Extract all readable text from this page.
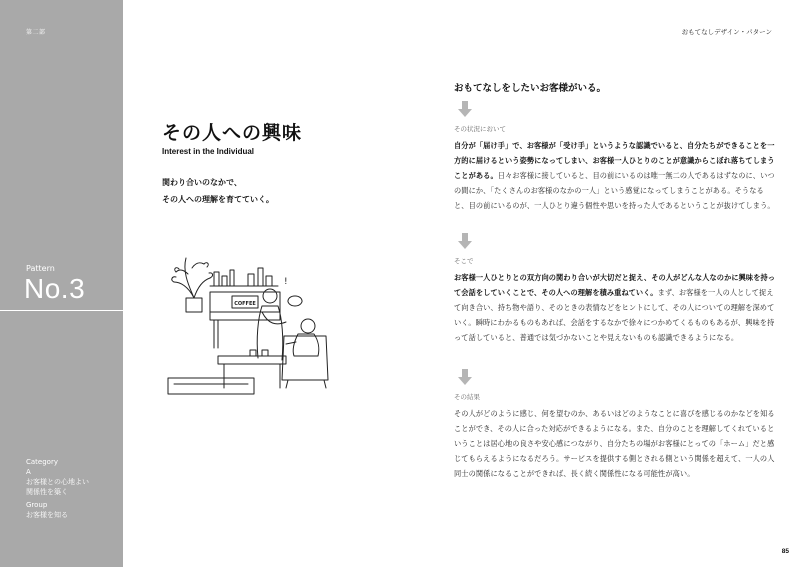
第二部
Pattern
No.3
Category
A
お客様との心地よい
関係性を築く
Group
お客様を知る
おもてなしデザイン・パターン
その人への興味
Interest in the Individual
関わり合いのなかで、
その人への理解を育てていく。
COFFEE
!
おもてなしをしたいお客様がいる。
その状況において
自分が「届け手」で、お客様が「受け手」というような認識でいると、自分たちができることを一方的に届けるという姿勢になってしまい、お客様一人ひとりのことが意識からこぼれ落ちてしまうことがある。日々お客様に接していると、目の前にいるのは唯一無二の人であるはずなのに、いつの間にか、「たくさんのお客様のなかの一人」という感覚になってしまうことがある。そうなると、目の前にいるのが、一人ひとり違う個性や思いを持った人であるということが抜けてしまう。
そこで
お客様一人ひとりとの双方向の関わり合いが大切だと捉え、その人がどんな人なのかに興味を持って会話をしていくことで、その人への理解を積み重ねていく。まず、お客様を一人の人として捉えて向き合い、持ち物や語り、そのときの表情などをヒントにして、その人についての理解を深めていく。瞬時にわかるものもあれば、会話をするなかで徐々につかめてくるものもあるが、興味を持って話していると、普通では気づかないことや見えないものも認識できるようになる。
その結果
その人がどのように感じ、何を望むのか、あるいはどのようなことに喜びを感じるのかなどを知ることができ、その人に合った対応ができるようになる。また、自分のことを理解してくれているということは居心地の良さや安心感につながり、自分たちの場がお客様にとっての「ホーム」だと感じてもらえるようになるだろう。サービスを提供する側とされる側という関係を超えて、一人の人同士の関係になることができれば、長く続く関係性になる可能性が高い。
85
